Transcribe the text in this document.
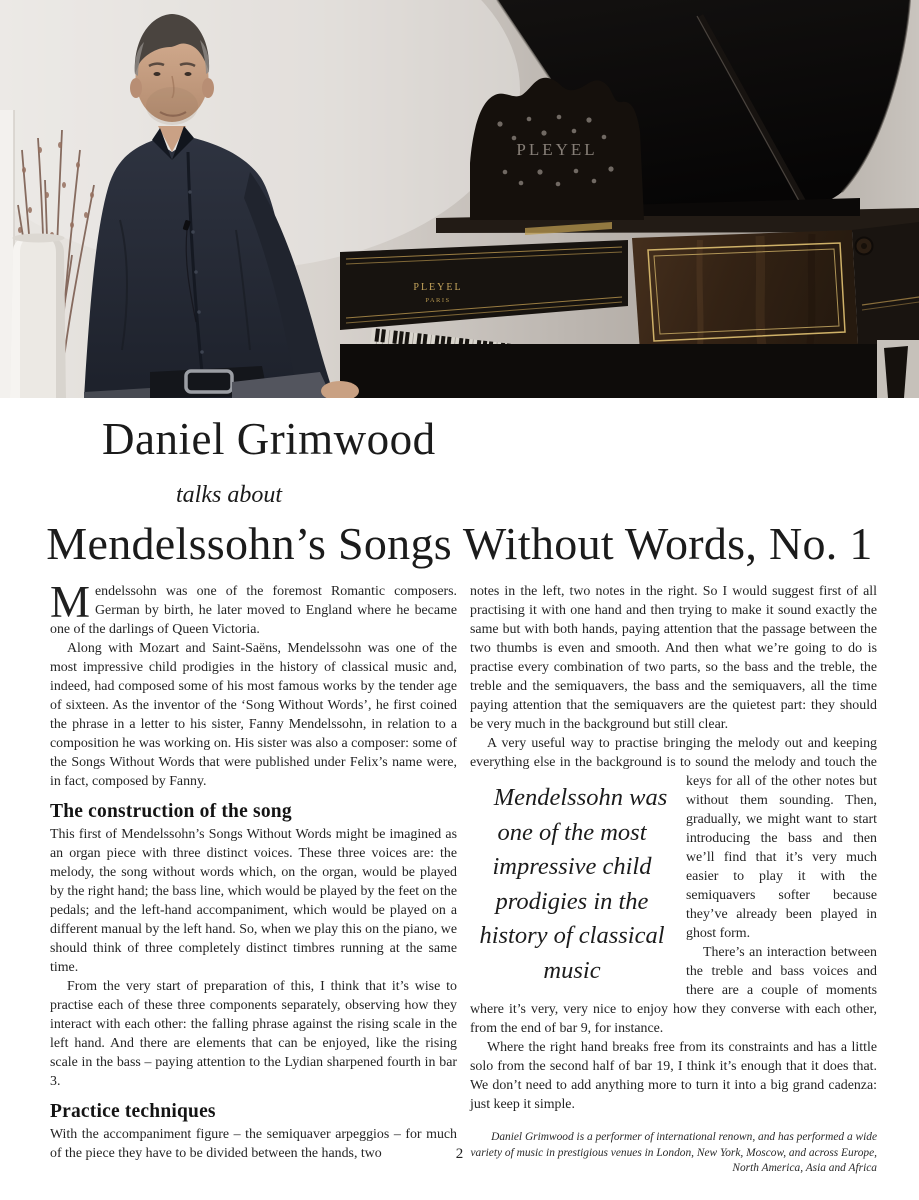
PLEYEL
PLEYEL
PARIS
Daniel Grimwood
talks about
Mendelssohn’s Songs Without Words, No. 1

Mendelssohn was one of the foremost Romantic composers. German by birth, he later moved to England where he became one of the darlings of Queen Victoria.

Along with Mozart and Saint-Saëns, Mendelssohn was one of the most impressive child prodigies in the history of classical music and, indeed, had composed some of his most famous works by the tender age of sixteen. As the inventor of the ‘Song Without Words’, he first coined the phrase in a letter to his sister, Fanny Mendelssohn, in relation to a composition he was working on. His sister was also a composer: some of the Songs Without Words that were published under Felix’s name were, in fact, composed by Fanny.

The construction of the song

This first of Mendelssohn’s Songs Without Words might be imagined as an organ piece with three distinct voices. These three voices are: the melody, the song without words which, on the organ, would be played by the right hand; the bass line, which would be played by the feet on the pedals; and the left-hand accompaniment, which would be played on a different manual by the left hand. So, when we play this on the piano, we should think of three completely distinct timbres running at the same time.

From the very start of preparation of this, I think that it’s wise to practise each of these three components separately, observing how they interact with each other: the falling phrase against the rising scale in the left hand. And there are elements that can be enjoyed, like the rising scale in the bass – paying attention to the Lydian sharpened fourth in bar 3.

Practice techniques

With the accompaniment figure – the semiquaver arpeggios – for much of the piece they have to be divided between the hands, two

notes in the left, two notes in the right. So I would suggest first of all practising it with one hand and then trying to make it sound exactly the same but with both hands, paying attention that the passage between the two thumbs is even and smooth. And then what we’re going to do is practise every combination of two parts, so the bass and the treble, the treble and the semiquavers, the bass and the semiquavers, all the time paying attention that the semiquavers are the quietest part: they should be very much in the background but still clear.

A very useful way to practise bringing the melody out and keeping everything else in the background is to sound the melody and touch
Mendelssohn was one of the most impressive child prodigies in the history of classical music
the keys for all of the other notes but without them sounding. Then, gradually, we might want to start introducing the bass and then we’ll find that it’s very much easier to play it with the semiquavers softer because they’ve already been played in ghost form.

There’s an interaction between the treble and bass voices and there are a couple of moments where it’s very, very nice to enjoy how they converse with each other, from the end of bar 9, for instance.

Where the right hand breaks free from its constraints and has a little solo from the second half of bar 19, I think it’s enough that it does that. We don’t need to add anything more to turn it into a big grand cadenza: just keep it simple.

Daniel Grimwood is a performer of international renown, and has performed a wide variety of music in prestigious venues in London, New York, Moscow, and across Europe, North America, Asia and Africa

2
